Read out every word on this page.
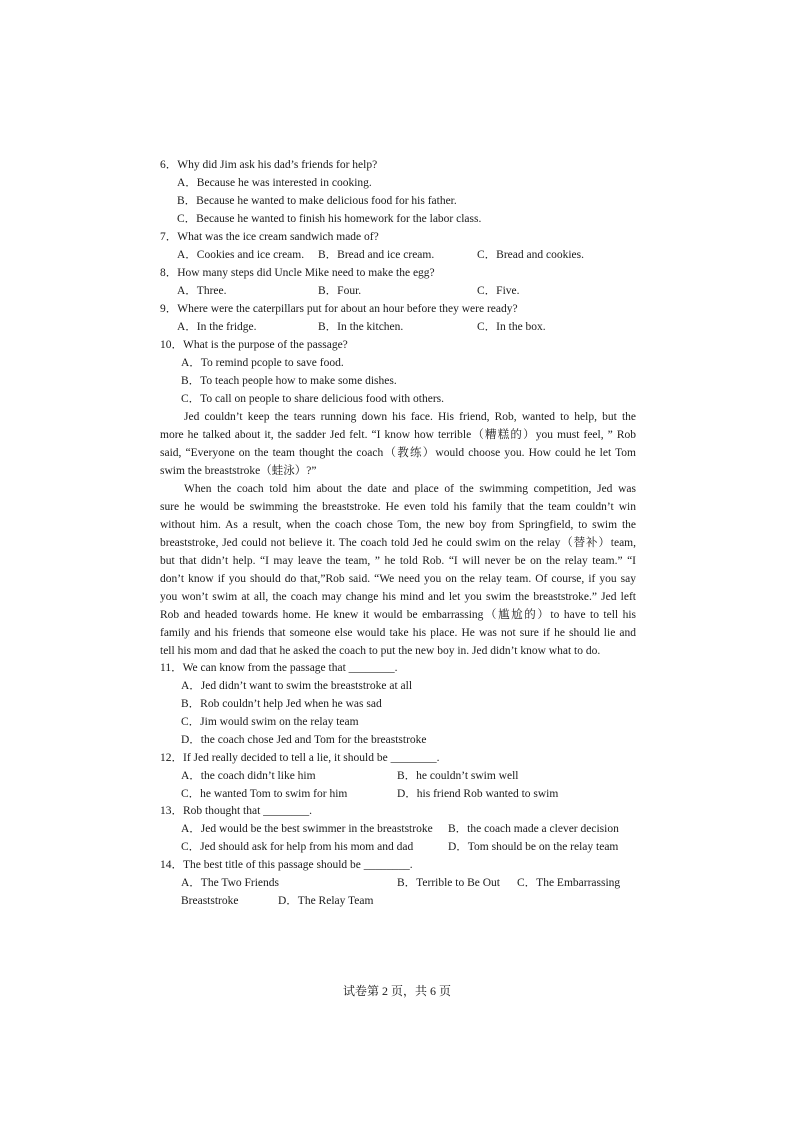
6．Why did Jim ask his dad’s friends for help?
A．Because he was interested in cooking.
B．Because he wanted to make delicious food for his father.
C．Because he wanted to finish his homework for the labor class.
7．What was the ice cream sandwich made of?
A．Cookies and ice cream. B．Bread and ice cream.	C．Bread and cookies.
8．How many steps did Uncle Mike need to make the egg?
A．Three.	B．Four.	C．Five.
9．Where were the caterpillars put for about an hour before they were ready?
A．In the fridge.	B．In the kitchen.	C．In the box.
10．What is the purpose of the passage?
A．To remind pcople to save food.
B．To teach people how to make some dishes.
C．To call on people to share delicious food with others.
Jed couldn’t keep the tears running down his face. His friend, Rob, wanted to help, but the
more he talked about it, the sadder Jed felt. “I know how terrible（糟糕的）you must feel, ” Rob
said, “Everyone on the team thought the coach（教练）would choose you. How could he let Tom
swim the breaststroke（蛙泳）?”
When the coach told him about the date and place of the swimming competition, Jed was
sure he would be swimming the breaststroke. He even told his family that the team couldn’t win
without him. As a result, when the coach chose Tom, the new boy from Springfield, to swim the
breaststroke, Jed could not believe it. The coach told Jed he could swim on the relay（替补）team,
but that didn’t help. “I may leave the team, ” he told Rob. “I will never be on the relay team.” “I
don’t know if you should do that,”Rob said. “We need you on the relay team. Of course, if you say
you won’t swim at all, the coach may change his mind and let you swim the breaststroke.” Jed left
Rob and headed towards home. He knew it would be embarrassing（尴尬的）to have to tell his
family and his friends that someone else would take his place. He was not sure if he should lie and
tell his mom and dad that he asked the coach to put the new boy in. Jed didn’t know what to do.
11．We can know from the passage that ________.
A．Jed didn’t want to swim the breaststroke at all
B．Rob couldn’t help Jed when he was sad
C．Jim would swim on the relay team
D．the coach chose Jed and Tom for the breaststroke
12．If Jed really decided to tell a lie, it should be ________.
A．the coach didn’t like him	B．he couldn’t swim well
C．he wanted Tom to swim for him	D．his friend Rob wanted to swim
13．Rob thought that ________.
A．Jed would be the best swimmer in the breaststroke B．the coach made a clever decision
C．Jed should ask for help from his mom and dad	D．Tom should be on the relay team
14．The best title of this passage should be ________.
A．The Two Friends	B．Terrible to Be Out C．The Embarrassing
Breaststroke	D．The Relay Team
试卷第 2 页，共 6 页
